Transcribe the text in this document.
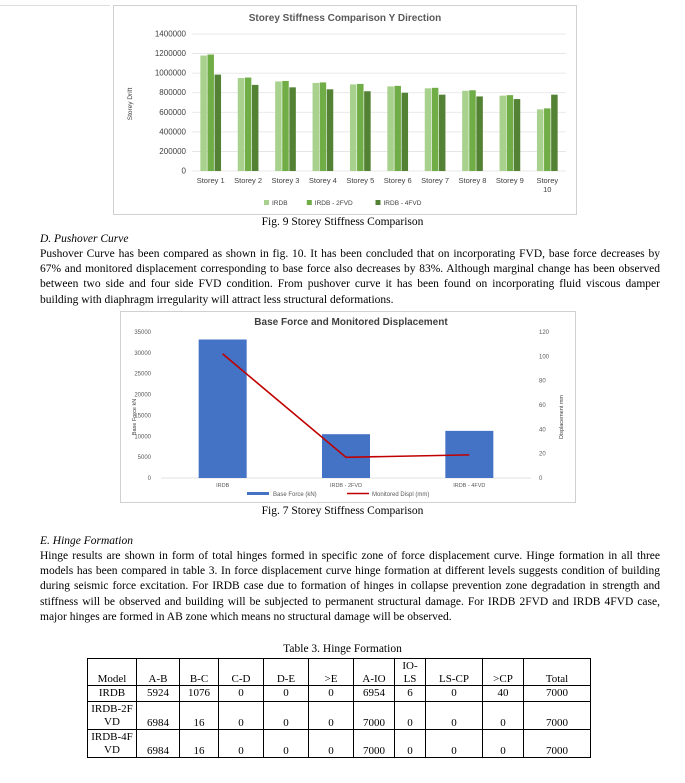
Storey Stiffness Comparison Y Direction
Storey Drift
0
200000
400000
600000
800000
1000000
1200000
1400000
Storey 1 Storey 2 Storey 3 Storey 4 Storey 5 Storey 6 Storey 7 Storey 8 Storey 9 Storey 10
IRDB	IRDB - 2FVD	IRDB - 4FVD
Fig. 9 Storey Stiffness Comparison
D. Pushover Curve
Pushover Curve has been compared as shown in fig. 10. It has been concluded that on incorporating FVD, base force decreases by 67% and monitored displacement corresponding to base force also decreases by 83%. Although marginal change has been observed between two side and four side FVD condition. From pushover curve it has been found on incorporating fluid viscous damper building with diaphragm irregularity will attract less structural deformations.
Base Force and Monitored Displacement
Base Force kN	Displacement mm
0
5000
10000
15000
20000
25000
30000
35000
0
20
40
60
80
100
120
IRDB	IRDB - 2FVD	IRDB - 4FVD
Base Force (kN)	Monitored Displ (mm)
Fig. 7 Storey Stiffness Comparison
E. Hinge Formation
Hinge results are shown in form of total hinges formed in specific zone of force displacement curve. Hinge formation in all three models has been compared in table 3. In force displacement curve hinge formation at different levels suggests condition of building during seismic force excitation. For IRDB case due to formation of hinges in collapse prevention zone degradation in strength and stiffness will be observed and building will be subjected to permanent structural damage. For IRDB 2FVD and IRDB 4FVD case, major hinges are formed in AB zone which means no structural damage will be observed.
Table 3. Hinge Formation
Model	A-B	B-C	C-D	D-E	>E	A-IO	IO-LS	LS-CP	>CP	Total
IRDB	5924	1076	0	0	0	6954	6	0	40	7000
IRDB-2FVD	6984	16	0	0	0	7000	0	0	0	7000
IRDB-4FVD	6984	16	0	0	0	7000	0	0	0	7000
